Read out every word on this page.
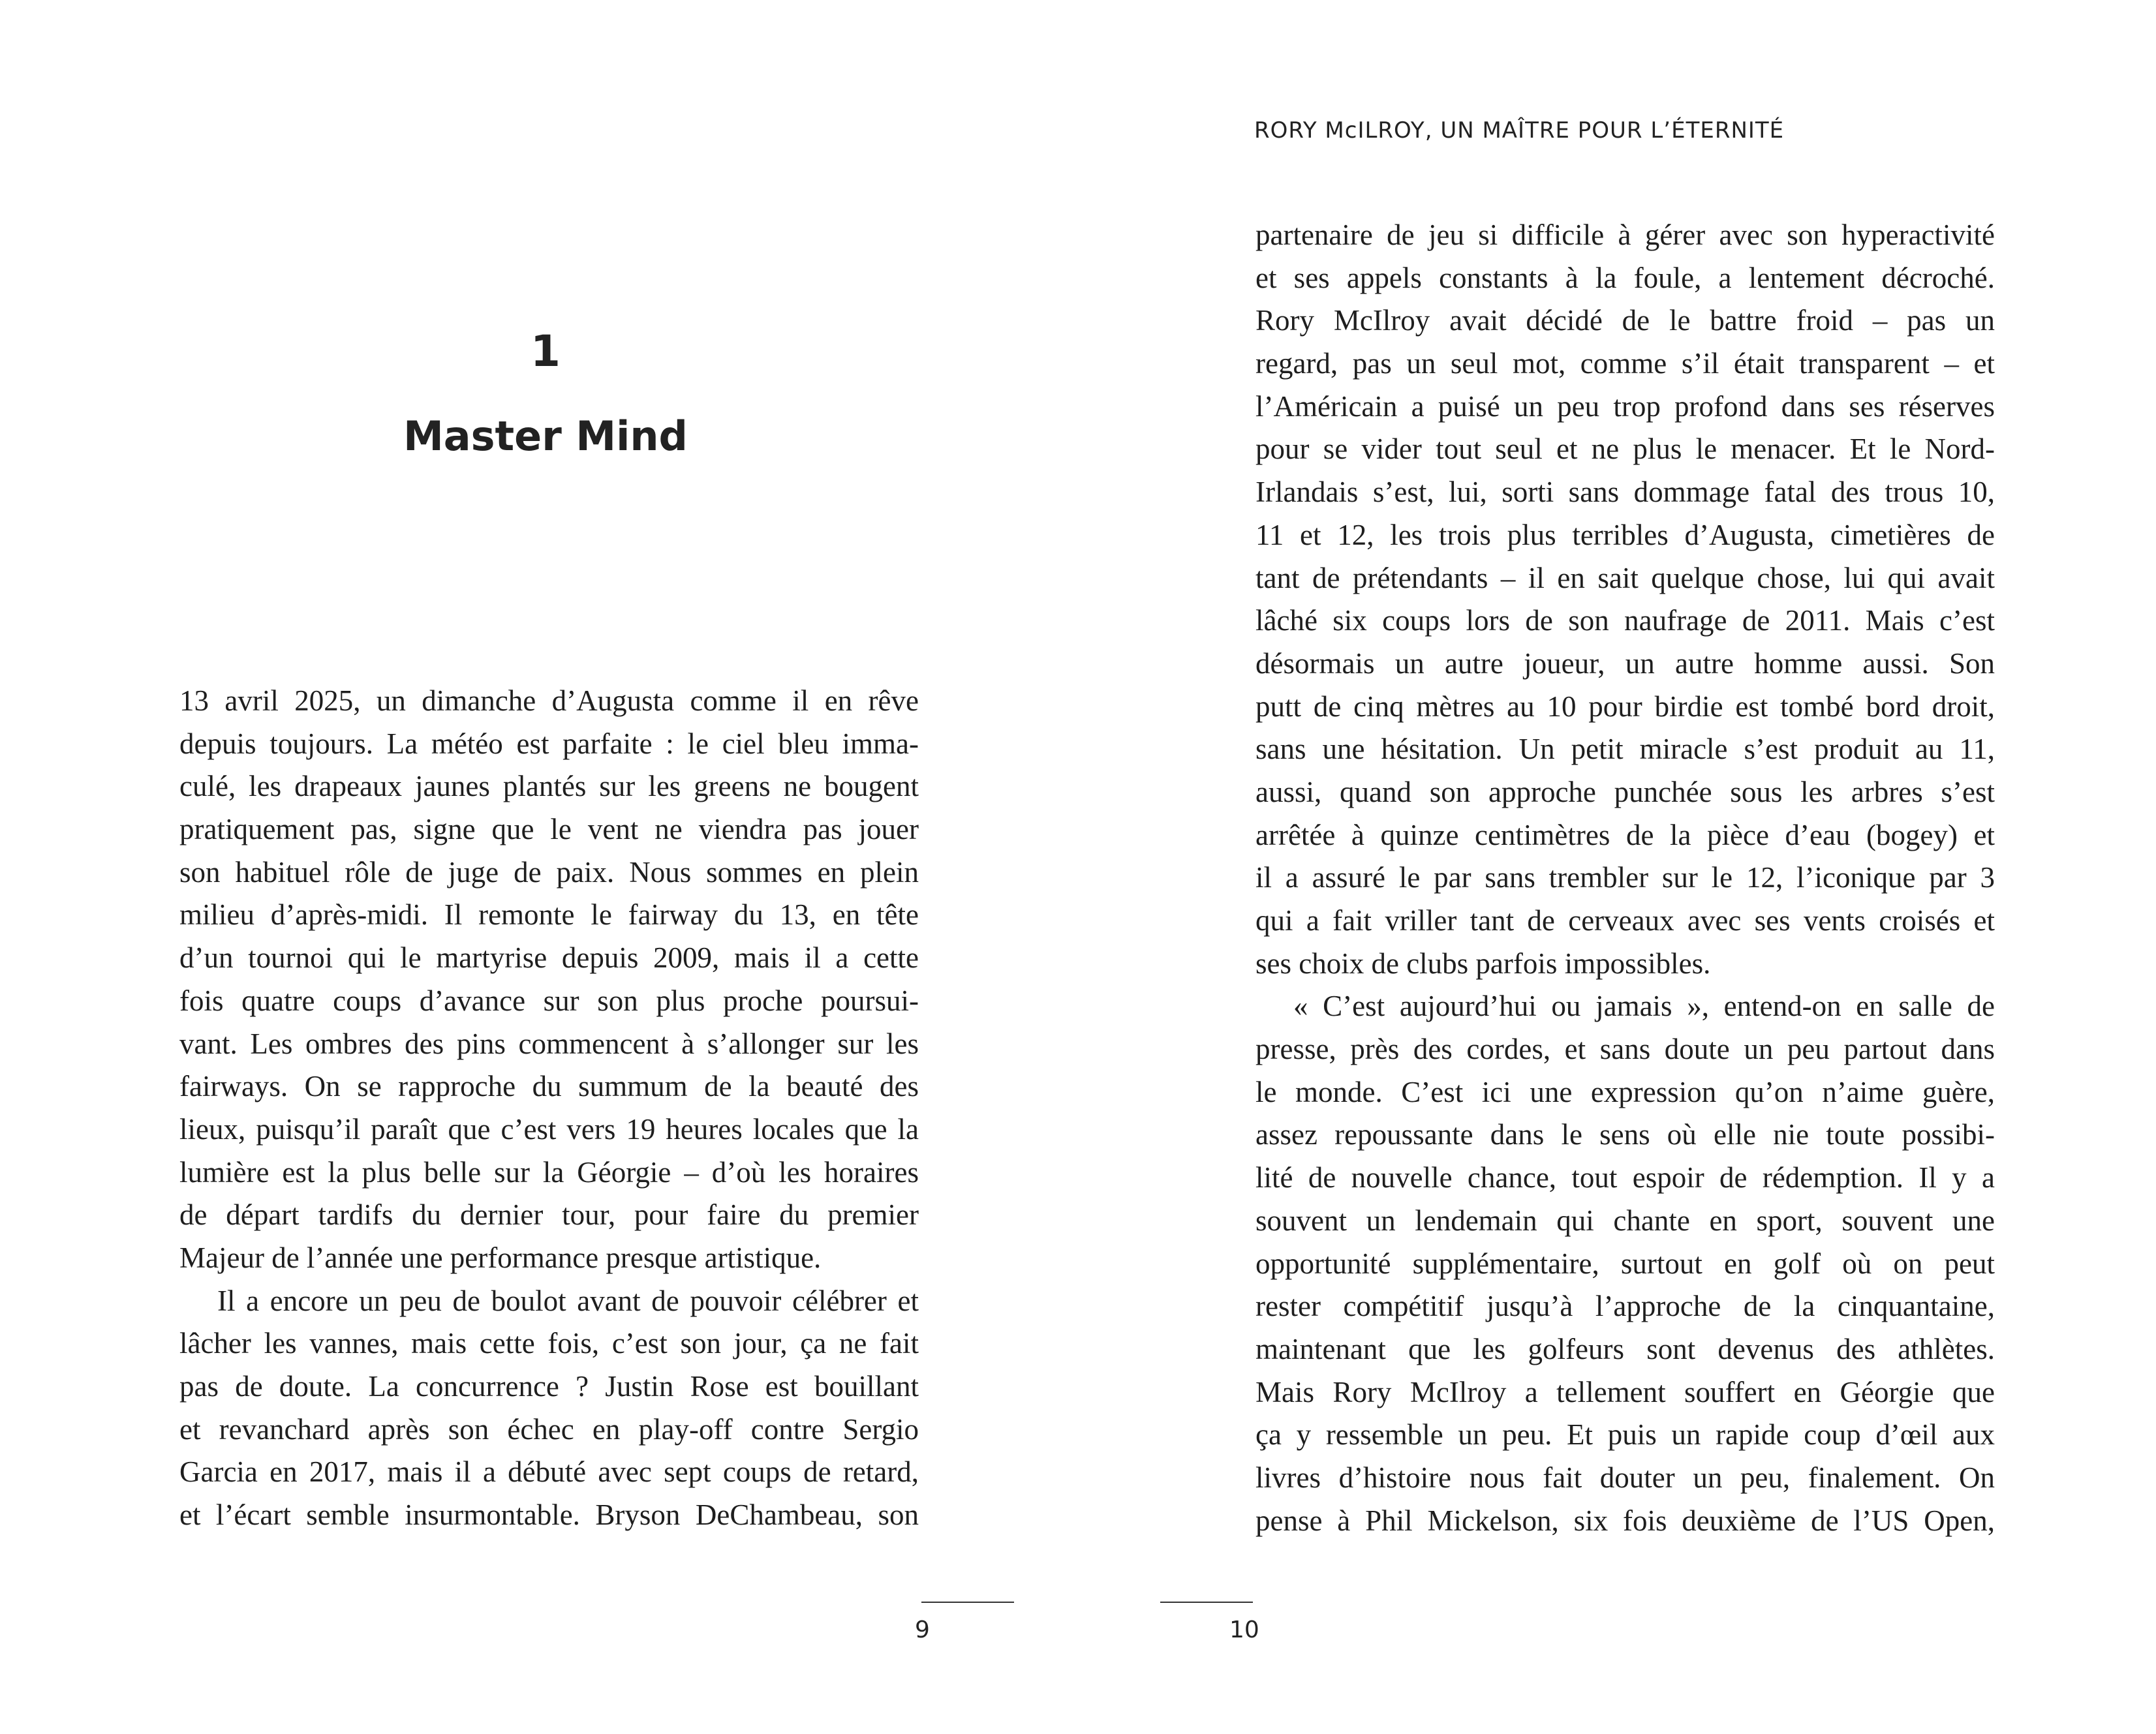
1
Master Mind
13 avril 2025, un dimanche d’Augusta comme il en rêve
depuis toujours. La météo est parfaite : le ciel bleu imma-
culé, les drapeaux jaunes plantés sur les greens ne bougent
pratiquement pas, signe que le vent ne viendra pas jouer
son habituel rôle de juge de paix. Nous sommes en plein
milieu d’après-midi. Il remonte le fairway du 13, en tête
d’un tournoi qui le martyrise depuis 2009, mais il a cette
fois quatre coups d’avance sur son plus proche poursui-
vant. Les ombres des pins commencent à s’allonger sur les
fairways. On se rapproche du summum de la beauté des
lieux, puisqu’il paraît que c’est vers 19 heures locales que la
lumière est la plus belle sur la Géorgie – d’où les horaires
de départ tardifs du dernier tour, pour faire du premier
Majeur de l’année une performance presque artistique.
Il a encore un peu de boulot avant de pouvoir célébrer et
lâcher les vannes, mais cette fois, c’est son jour, ça ne fait
pas de doute. La concurrence ? Justin Rose est bouillant
et revanchard après son échec en play-off contre Sergio
Garcia en 2017, mais il a débuté avec sept coups de retard,
et l’écart semble insurmontable. Bryson DeChambeau, son
9
RORY McILROY, UN MAÎTRE POUR L’ÉTERNITÉ
partenaire de jeu si difficile à gérer avec son hyperactivité
et ses appels constants à la foule, a lentement décroché.
Rory McIlroy avait décidé de le battre froid – pas un
regard, pas un seul mot, comme s’il était transparent – et
l’Américain a puisé un peu trop profond dans ses réserves
pour se vider tout seul et ne plus le menacer. Et le Nord-
Irlandais s’est, lui, sorti sans dommage fatal des trous 10,
11 et 12, les trois plus terribles d’Augusta, cimetières de
tant de prétendants – il en sait quelque chose, lui qui avait
lâché six coups lors de son naufrage de 2011. Mais c’est
désormais un autre joueur, un autre homme aussi. Son
putt de cinq mètres au 10 pour birdie est tombé bord droit,
sans une hésitation. Un petit miracle s’est produit au 11,
aussi, quand son approche punchée sous les arbres s’est
arrêtée à quinze centimètres de la pièce d’eau (bogey) et
il a assuré le par sans trembler sur le 12, l’iconique par 3
qui a fait vriller tant de cerveaux avec ses vents croisés et
ses choix de clubs parfois impossibles.
« C’est aujourd’hui ou jamais », entend-on en salle de
presse, près des cordes, et sans doute un peu partout dans
le monde. C’est ici une expression qu’on n’aime guère,
assez repoussante dans le sens où elle nie toute possibi-
lité de nouvelle chance, tout espoir de rédemption. Il y a
souvent un lendemain qui chante en sport, souvent une
opportunité supplémentaire, surtout en golf où on peut
rester compétitif jusqu’à l’approche de la cinquantaine,
maintenant que les golfeurs sont devenus des athlètes.
Mais Rory McIlroy a tellement souffert en Géorgie que
ça y ressemble un peu. Et puis un rapide coup d’œil aux
livres d’histoire nous fait douter un peu, finalement. On
pense à Phil Mickelson, six fois deuxième de l’US Open,
10
